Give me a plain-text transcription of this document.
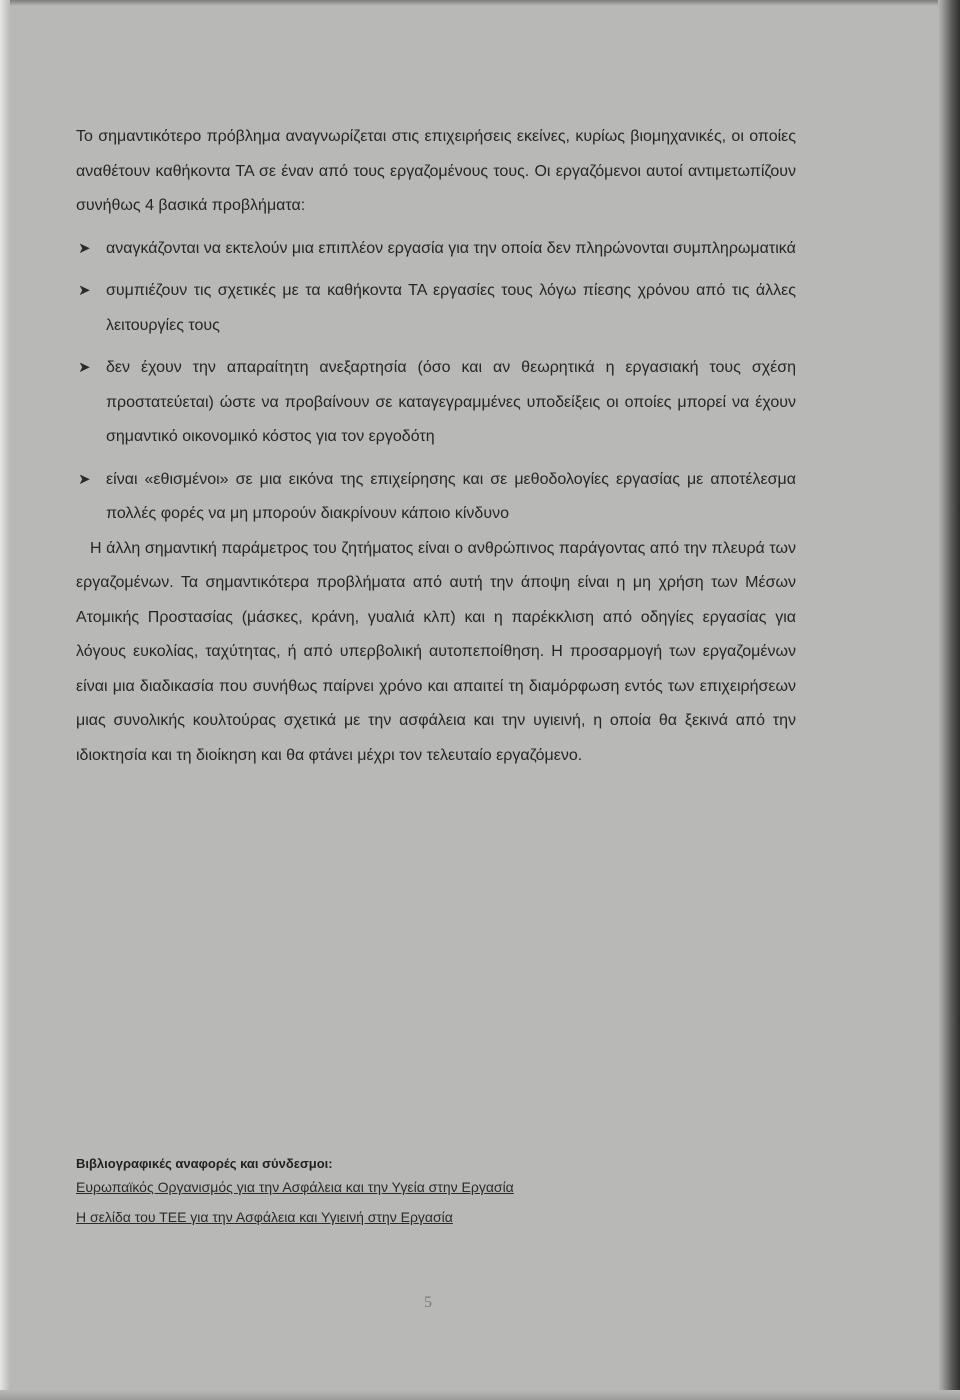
Το σημαντικότερο πρόβλημα αναγνωρίζεται στις επιχειρήσεις εκείνες, κυρίως βιομηχανικές, οι οποίες αναθέτουν καθήκοντα ΤΑ σε έναν από τους εργαζομένους τους. Οι εργαζόμενοι αυτοί αντιμετωπίζουν συνήθως 4 βασικά προβλήματα:

➤ αναγκάζονται να εκτελούν μια επιπλέον εργασία για την οποία δεν πληρώνονται συμπληρωματικά
➤ συμπιέζουν τις σχετικές με τα καθήκοντα ΤΑ εργασίες τους λόγω πίεσης χρόνου από τις άλλες λειτουργίες τους
➤ δεν έχουν την απαραίτητη ανεξαρτησία (όσο και αν θεωρητικά η εργασιακή τους σχέση προστατεύεται) ώστε να προβαίνουν σε καταγεγραμμένες υποδείξεις οι οποίες μπορεί να έχουν σημαντικό οικονομικό κόστος για τον εργοδότη
➤ είναι «εθισμένοι» σε μια εικόνα της επιχείρησης και σε μεθοδολογίες εργασίας με αποτέλεσμα πολλές φορές να μη μπορούν διακρίνουν κάποιο κίνδυνο

Η άλλη σημαντική παράμετρος του ζητήματος είναι ο ανθρώπινος παράγοντας από την πλευρά των εργαζομένων. Τα σημαντικότερα προβλήματα από αυτή την άποψη είναι η μη χρήση των Μέσων Ατομικής Προστασίας (μάσκες, κράνη, γυαλιά κλπ) και η παρέκκλιση από οδηγίες εργασίας για λόγους ευκολίας, ταχύτητας, ή από υπερβολική αυτοπεποίθηση. Η προσαρμογή των εργαζομένων είναι μια διαδικασία που συνήθως παίρνει χρόνο και απαιτεί τη διαμόρφωση εντός των επιχειρήσεων μιας συνολικής κουλτούρας σχετικά με την ασφάλεια και την υγιεινή, η οποία θα ξεκινά από την ιδιοκτησία και τη διοίκηση και θα φτάνει μέχρι τον τελευταίο εργαζόμενο.

Βιβλιογραφικές αναφορές και σύνδεσμοι:

Ευρωπαϊκός Οργανισμός για την Ασφάλεια και την Υγεία στην Εργασία
Η σελίδα του ΤΕΕ για την Ασφάλεια και Υγιεινή στην Εργασία
5
